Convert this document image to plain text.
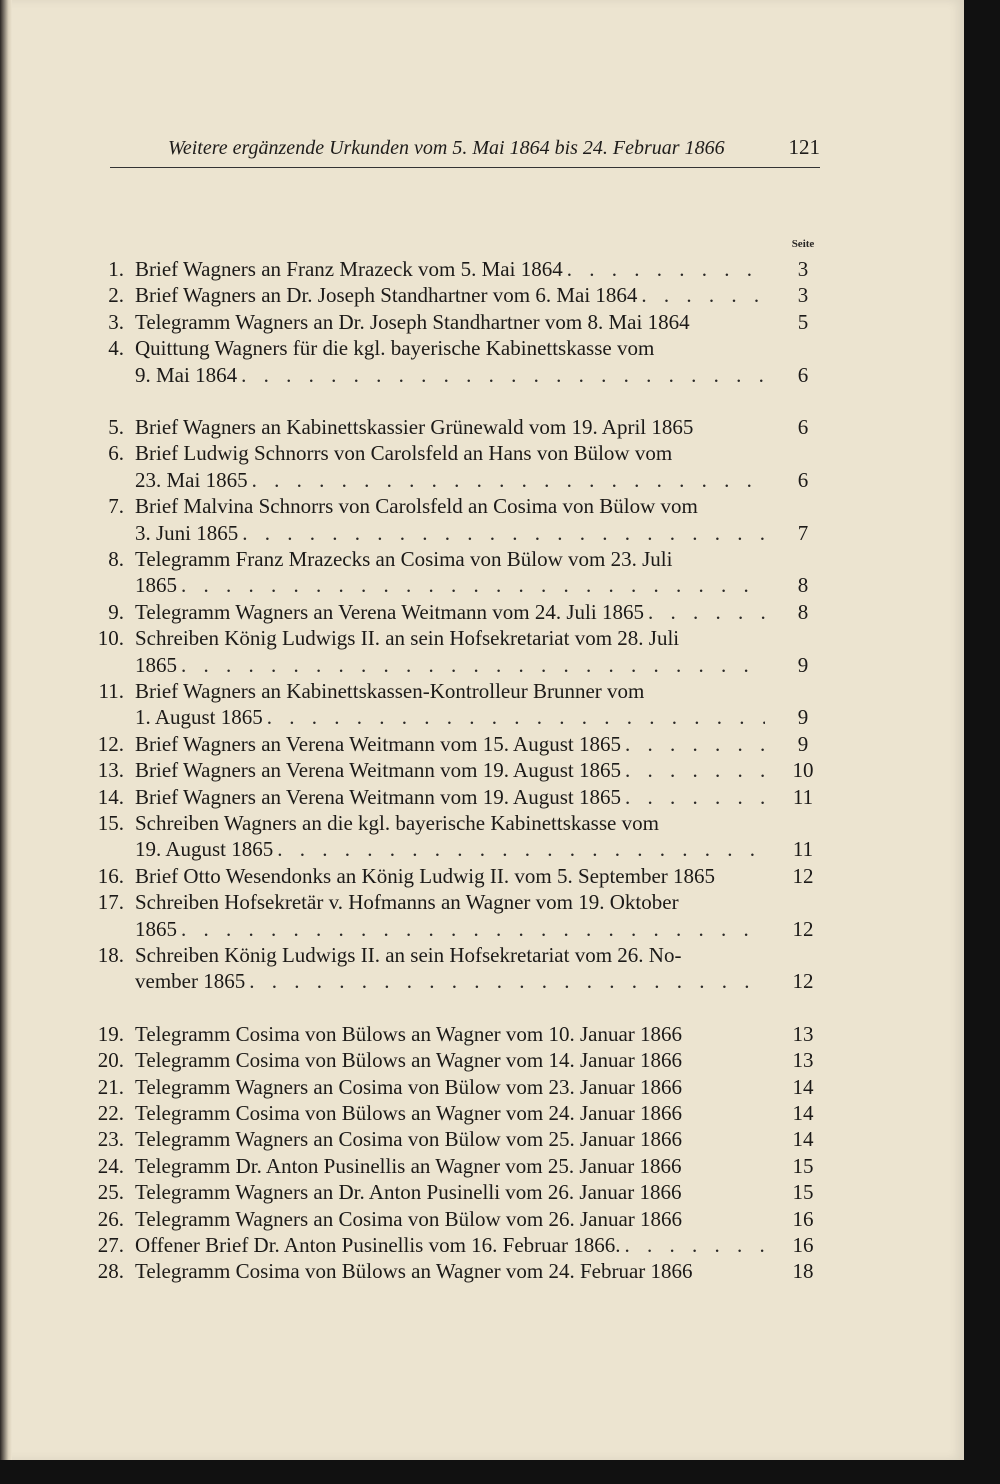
Weitere ergänzende Urkunden vom 5. Mai 1864 bis 24. Februar 1866	121
Seite
1. Brief Wagners an Franz Mrazeck vom 5. Mai 1864 . . .	3
2. Brief Wagners an Dr. Joseph Standhartner vom 6. Mai 1864 . . .	3
3. Telegramm Wagners an Dr. Joseph Standhartner vom 8. Mai 1864	5
4. Quittung Wagners für die kgl. bayerische Kabinettskasse vom
9. Mai 1864 . . .	6
5. Brief Wagners an Kabinettskassier Grünewald vom 19. April 1865	6
6. Brief Ludwig Schnorrs von Carolsfeld an Hans von Bülow vom
23. Mai 1865 . . .	6
7. Brief Malvina Schnorrs von Carolsfeld an Cosima von Bülow vom
3. Juni 1865 . . .	7
8. Telegramm Franz Mrazecks an Cosima von Bülow vom 23. Juli
1865 . . .	8
9. Telegramm Wagners an Verena Weitmann vom 24. Juli 1865 . . .	8
10. Schreiben König Ludwigs II. an sein Hofsekretariat vom 28. Juli
1865 . . .	9
11. Brief Wagners an Kabinettskassen-Kontrolleur Brunner vom
1. August 1865 . . .	9
12. Brief Wagners an Verena Weitmann vom 15. August 1865 . . .	9
13. Brief Wagners an Verena Weitmann vom 19. August 1865 . . .	10
14. Brief Wagners an Verena Weitmann vom 19. August 1865 . . .	11
15. Schreiben Wagners an die kgl. bayerische Kabinettskasse vom
19. August 1865 . . .	11
16. Brief Otto Wesendonks an König Ludwig II. vom 5. September 1865	12
17. Schreiben Hofsekretär v. Hofmanns an Wagner vom 19. Oktober
1865 . . .	12
18. Schreiben König Ludwigs II. an sein Hofsekretariat vom 26. No-
vember 1865 . . .	12
19. Telegramm Cosima von Bülows an Wagner vom 10. Januar 1866	13
20. Telegramm Cosima von Bülows an Wagner vom 14. Januar 1866	13
21. Telegramm Wagners an Cosima von Bülow vom 23. Januar 1866	14
22. Telegramm Cosima von Bülows an Wagner vom 24. Januar 1866	14
23. Telegramm Wagners an Cosima von Bülow vom 25. Januar 1866	14
24. Telegramm Dr. Anton Pusinellis an Wagner vom 25. Januar 1866	15
25. Telegramm Wagners an Dr. Anton Pusinelli vom 26. Januar 1866	15
26. Telegramm Wagners an Cosima von Bülow vom 26. Januar 1866	16
27. Offener Brief Dr. Anton Pusinellis vom 16. Februar 1866. . . .	16
28. Telegramm Cosima von Bülows an Wagner vom 24. Februar 1866	18
